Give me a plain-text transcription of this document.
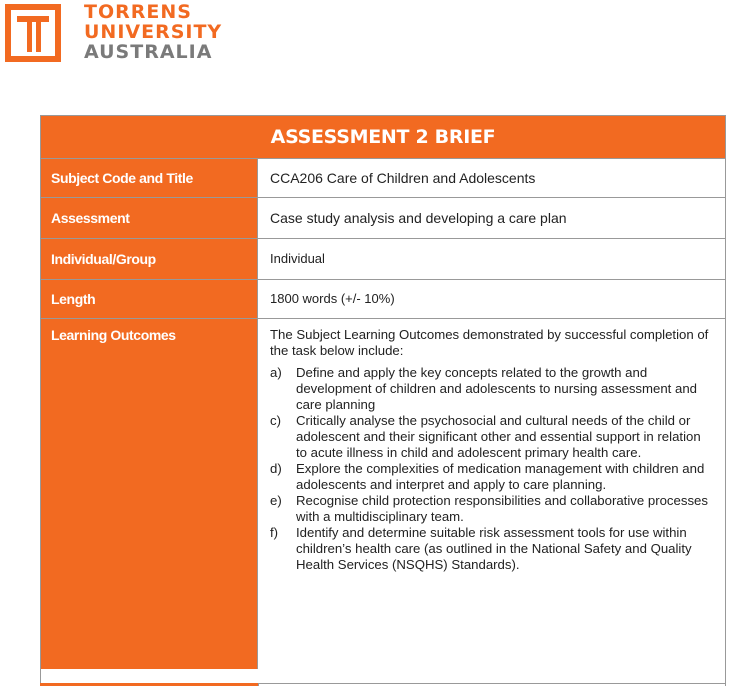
TORRENS
UNIVERSITY
AUSTRALIA
ASSESSMENT 2 BRIEF
Subject Code and Title	CCA206 Care of Children and Adolescents
Assessment	Case study analysis and developing a care plan
Individual/Group	Individual
Length	1800 words (+/- 10%)
Learning Outcomes	The Subject Learning Outcomes demonstrated by successful completion of the task below include:
a)	Define and apply the key concepts related to the growth and development of children and adolescents to nursing assessment and care planning
c)	Critically analyse the psychosocial and cultural needs of the child or adolescent and their significant other and essential support in relation to acute illness in child and adolescent primary health care.
d)	Explore the complexities of medication management with children and adolescents and interpret and apply to care planning.
e)	Recognise child protection responsibilities and collaborative processes with a multidisciplinary team.
f)	Identify and determine suitable risk assessment tools for use within children’s health care (as outlined in the National Safety and Quality Health Services (NSQHS) Standards).
